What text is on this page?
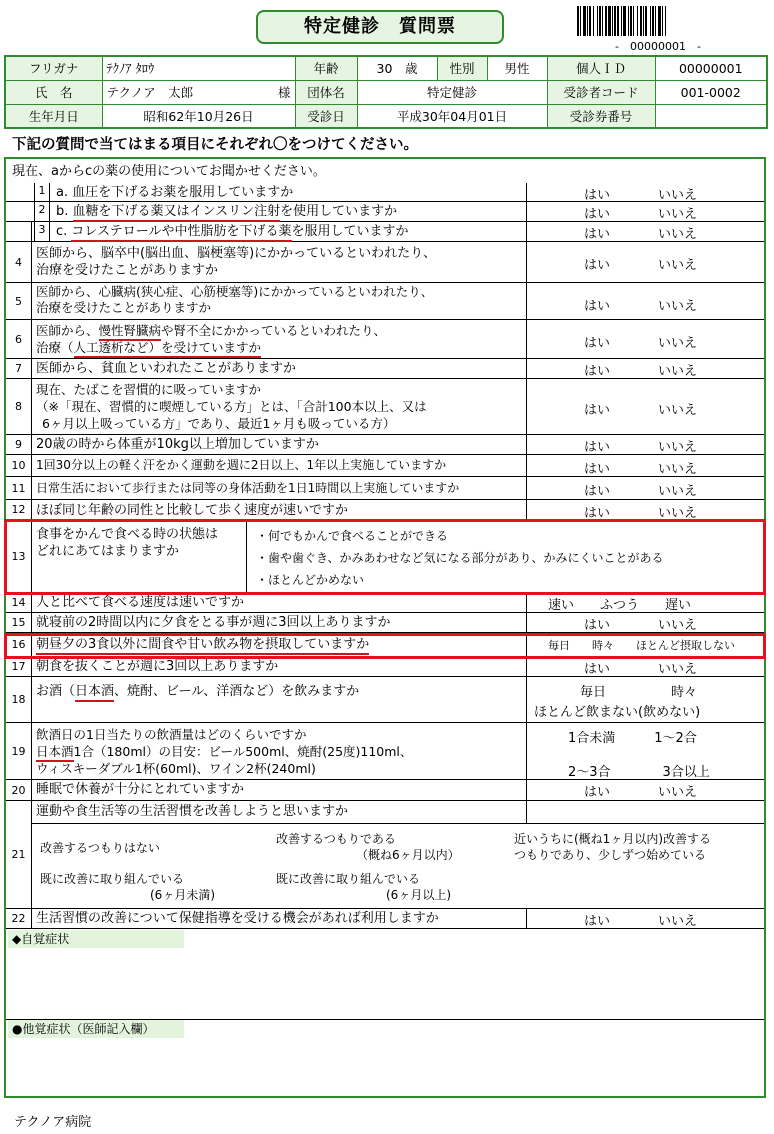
特定健診　質問票
-　00000001　-
フリガナ	ﾃｸﾉｱ ﾀﾛｳ	年齢	30　歳	性別	男性	個人ＩＤ	00000001
氏　名	テクノア　太郎 様	団体名	特定健診			受診者コード	001-0002
生年月日	昭和62年10月26日	受診日	平成30年04月01日			受診券番号	
下記の質問で当てはまる項目にそれぞれ〇をつけてください。
現在、aからcの薬の使用についてお聞かせください。
1 a. 血圧を下げるお薬を服用していますか	はい	いいえ
2 b. 血糖を下げる薬又はインスリン注射を使用していますか	はい	いいえ
3 c. コレステロールや中性脂肪を下げる薬を服用していますか	はい	いいえ
4
医師から、脳卒中(脳出血、脳梗塞等)にかかっているといわれたり、
治療を受けたことがありますか	はい	いいえ
5
医師から、心臓病(狭心症、心筋梗塞等)にかかっているといわれたり、
治療を受けたことがありますか	はい	いいえ
6
医師から、慢性腎臓病や腎不全にかかっているといわれたり、
治療（人工透析など）を受けていますか	はい	いいえ
7	医師から、貧血といわれたことがありますか	はい	いいえ
8
現在、たばこを習慣的に吸っていますか
（※「現在、習慣的に喫煙している方」とは、「合計100本以上、又は
6ヶ月以上吸っている方」であり、最近1ヶ月も吸っている方）
はい	いいえ
9	20歳の時から体重が10kg以上増加していますか	はい	いいえ
10 1回30分以上の軽く汗をかく運動を週に2日以上、1年以上実施していますか	はい	いいえ
11 日常生活において歩行または同等の身体活動を1日1時間以上実施していますか	はい	いいえ
12 ほぼ同じ年齢の同性と比較して歩く速度が速いですか	はい	いいえ
13
食事をかんで食べる時の状態は
どれにあてはまりますか
・何でもかんで食べることができる
・歯や歯ぐき、かみあわせなど気になる部分があり、かみにくいことがある
・ほとんどかめない
14 人と比べて食べる速度は速いですか	速い　　ふつう　　遅い
15 就寝前の2時間以内に夕食をとる事が週に3回以上ありますか	はい	いいえ
16 朝昼夕の3食以外に間食や甘い飲み物を摂取していますか	毎日　　時々　　ほとんど摂取しない
17 朝食を抜くことが週に3回以上ありますか	はい	いいえ
18
お酒（日本酒、焼酎、ビール、洋酒など）を飲みますか	毎日　　　　　時々
ほとんど飲まない(飲めない)
19
飲酒日の1日当たりの飲酒量はどのくらいですか
日本酒1合（180ml）の目安：ビール500ml、焼酎(25度)110ml、
ウィスキーダブル1杯(60ml)、ワイン2杯(240ml)
1合未満　　　1〜2合
2〜3合　　　　3合以上
20 睡眠で休養が十分にとれていますか	はい	いいえ
21
運動や食生活等の生活習慣を改善しようと思いますか
改善するつもりはない
改善するつもりである
（概ね6ヶ月以内）
近いうちに(概ね1ヶ月以内)改善する
つもりであり、少しずつ始めている
既に改善に取り組んでいる
(6ヶ月未満)
既に改善に取り組んでいる
(6ヶ月以上)
22 生活習慣の改善について保健指導を受ける機会があれば利用しますか	はい	いいえ
◆自覚症状
●他覚症状（医師記入欄）
テクノア病院
